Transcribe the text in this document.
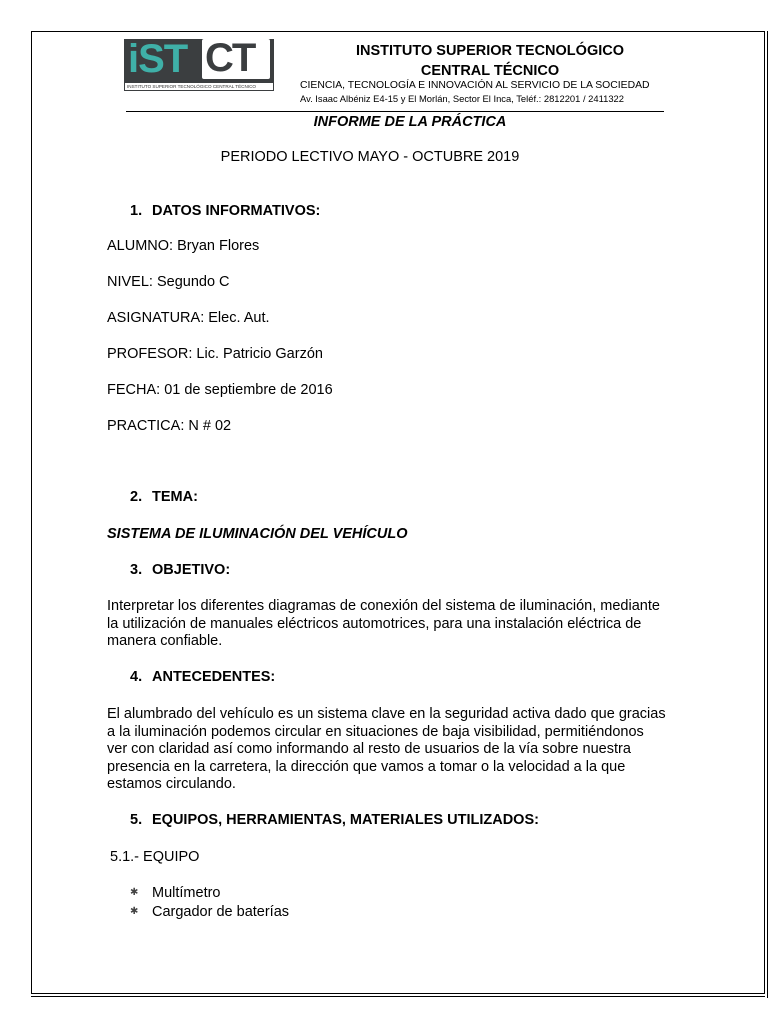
iST CT
INSTITUTO SUPERIOR TECNOLÓGICO CENTRAL TÉCNICO
INSTITUTO SUPERIOR TECNOLÓGICO
CENTRAL TÉCNICO
CIENCIA, TECNOLOGÍA E INNOVACIÓN AL SERVICIO DE LA SOCIEDAD
Av. Isaac Albéniz E4-15 y El Morlán, Sector El Inca, Teléf.: 2812201 / 2411322
INFORME DE LA PRÁCTICA
PERIODO LECTIVO MAYO - OCTUBRE 2019
1. DATOS INFORMATIVOS:
ALUMNO: Bryan Flores
NIVEL: Segundo C
ASIGNATURA: Elec. Aut.
PROFESOR: Lic. Patricio Garzón
FECHA: 01 de septiembre de 2016
PRACTICA: N # 02
2. TEMA:
SISTEMA DE ILUMINACIÓN DEL VEHÍCULO
3. OBJETIVO:
Interpretar los diferentes diagramas de conexión del sistema de iluminación, mediante la utilización de manuales eléctricos automotrices, para una instalación eléctrica de manera confiable.
4. ANTECEDENTES:
El alumbrado del vehículo es un sistema clave en la seguridad activa dado que gracias a la iluminación podemos circular en situaciones de baja visibilidad, permitiéndonos ver con claridad así como informando al resto de usuarios de la vía sobre nuestra presencia en la carretera, la dirección que vamos a tomar o la velocidad a la que estamos circulando.
5. EQUIPOS, HERRAMIENTAS, MATERIALES UTILIZADOS:
5.1.- EQUIPO
✱ Multímetro
✱ Cargador de baterías
